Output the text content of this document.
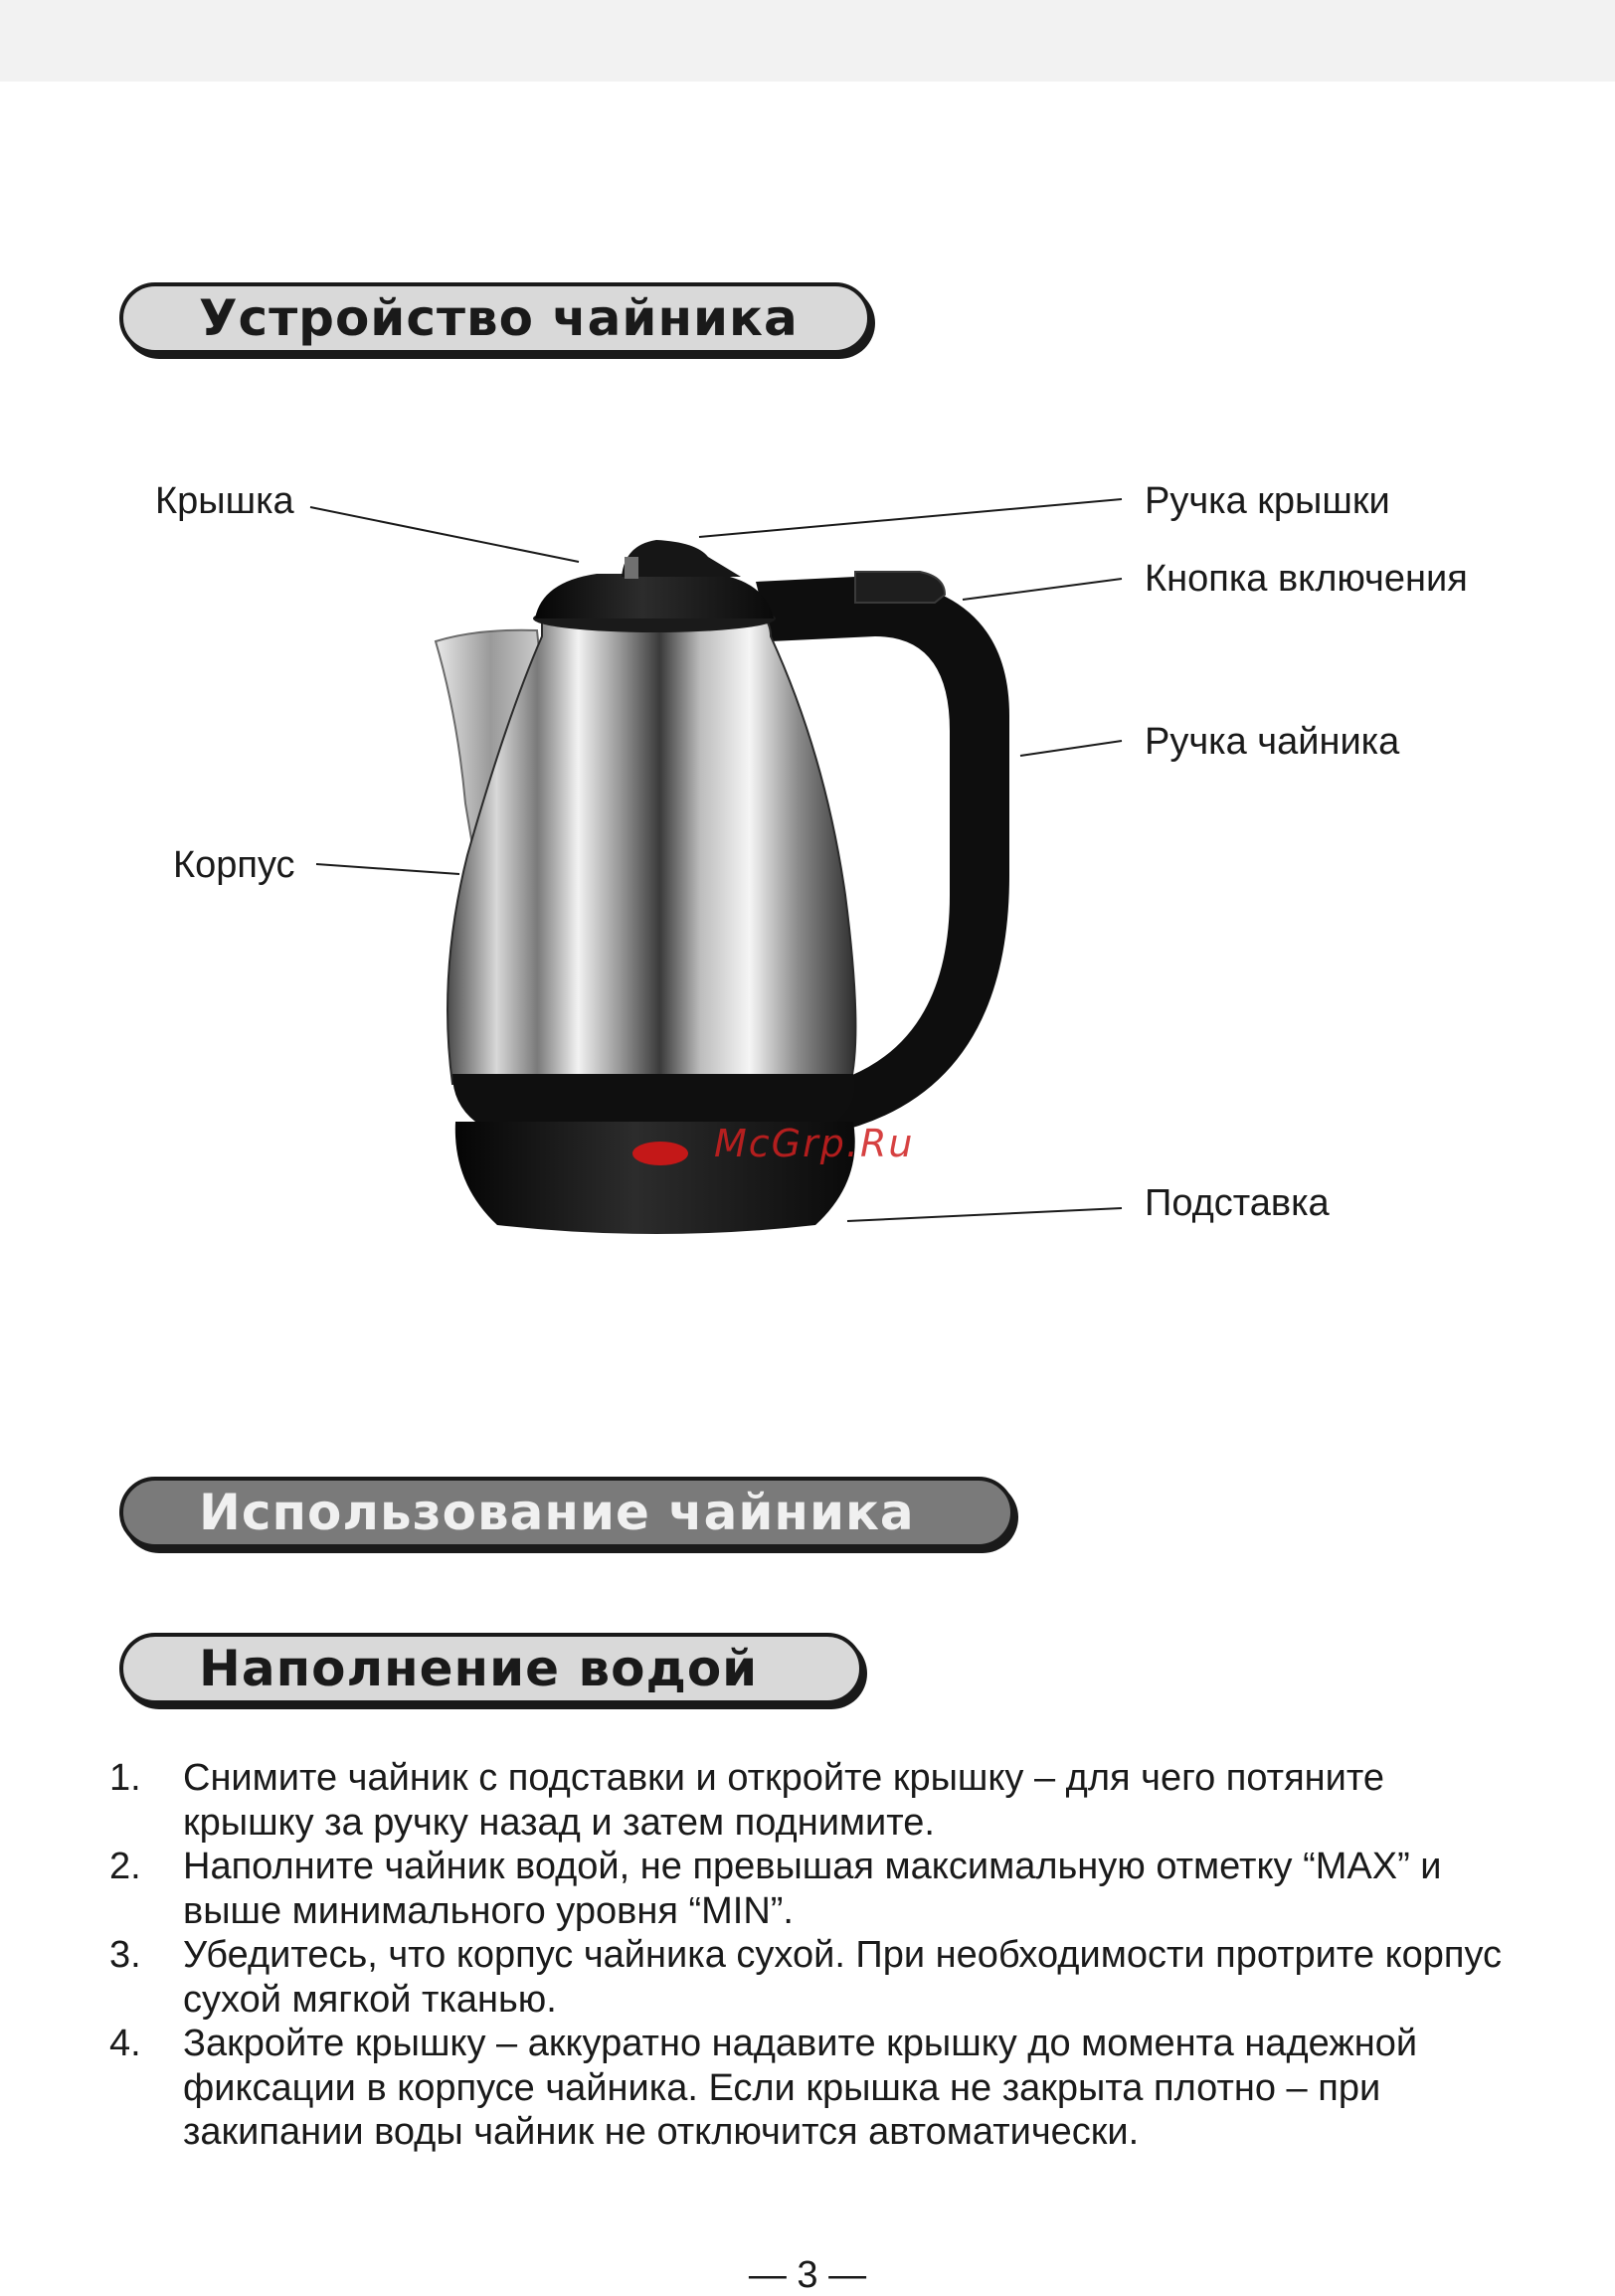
Устройство чайника
Крышка	Ручка крышки
Кнопка включения
Ручка чайника
Корпус
Подставка
McGrp.Ru
Использование чайника
Наполнение водой

1. Снимите чайник с подставки и откройте крышку – для чего потяните крышку за ручку назад и затем поднимите.

2. Наполните чайник водой, не превышая максимальную отметку “MAX” и выше минимального уровня “MIN”.

3. Убедитесь, что корпус чайника сухой. При необходимости протрите корпус сухой мягкой тканью.

4. Закройте крышку – аккуратно надавите крышку до момента надежной фиксации в корпусе чайника. Если крышка не закрыта плотно – при закипании воды чайник не отключится автоматически.

— 3 —
